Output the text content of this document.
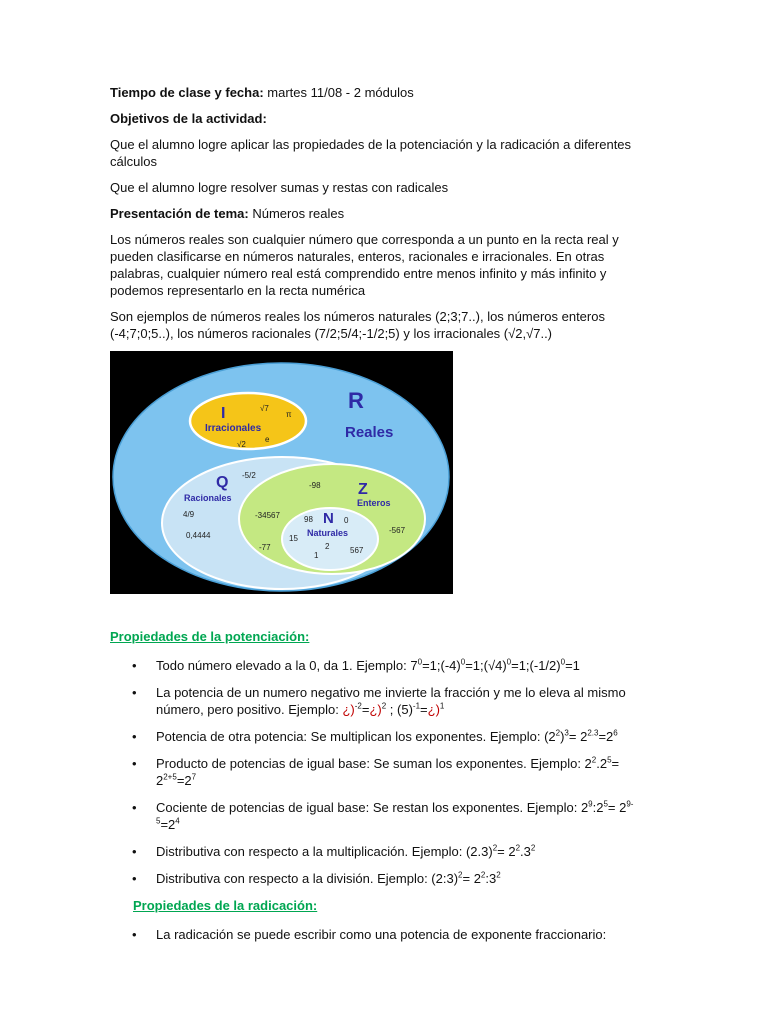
Tiempo de clase y fecha: martes 11/08 - 2 módulos

Objetivos de la actividad:

Que el alumno logre aplicar las propiedades de la potenciación y la radicación a diferentes cálculos

Que el alumno logre resolver sumas y restas con radicales

Presentación de tema: Números reales

Los números reales son cualquier número que corresponda a un punto en la recta real y pueden clasificarse en números naturales, enteros, racionales e irracionales. En otras palabras, cualquier número real está comprendido entre menos infinito y más infinito y podemos representarlo en la recta numérica

Son ejemplos de números reales los números naturales (2;3;7..), los números enteros (-4;7;0;5..), los números racionales (7/2;5/4;-1/2;5) y los irracionales (√2,√7..)

R
Reales
I
Irracionales
√7
π
√2
e
Q
Racionales
-5/2
4/9
0,4444
Z
Enteros
-98
-34567
-77
-567
N
Naturales
98	0
15
2
1
567

Propiedades de la potenciación:

• Todo número elevado a la 0, da 1. Ejemplo: $7^0=1;(-4)^0=1;(√4)^0=1;(-1/2)^0=1$
• La potencia de un numero negativo me invierte la fracción y me lo eleva al mismo número, pero positivo. Ejemplo: ¿)$^{-2}$=¿)$^2$ ; $(5)^{-1}=¿)^1$
• Potencia de otra potencia: Se multiplican los exponentes. Ejemplo: $(2^2)^3= 2^{2.3}=2^6$
• Producto de potencias de igual base: Se suman los exponentes. Ejemplo: $2^2.2^5= 2^{2+5}=2^7$
• Cociente de potencias de igual base: Se restan los exponentes. Ejemplo: $2^9:2^5= 2^{9-5}=2^4$
• Distributiva con respecto a la multiplicación. Ejemplo: $(2.3)^2= 2^2.3^2$
• Distributiva con respecto a la división. Ejemplo: (2:3)$^2$= $2^2:3^2$

Propiedades de la radicación:

• La radicación se puede escribir como una potencia de exponente fraccionario:
